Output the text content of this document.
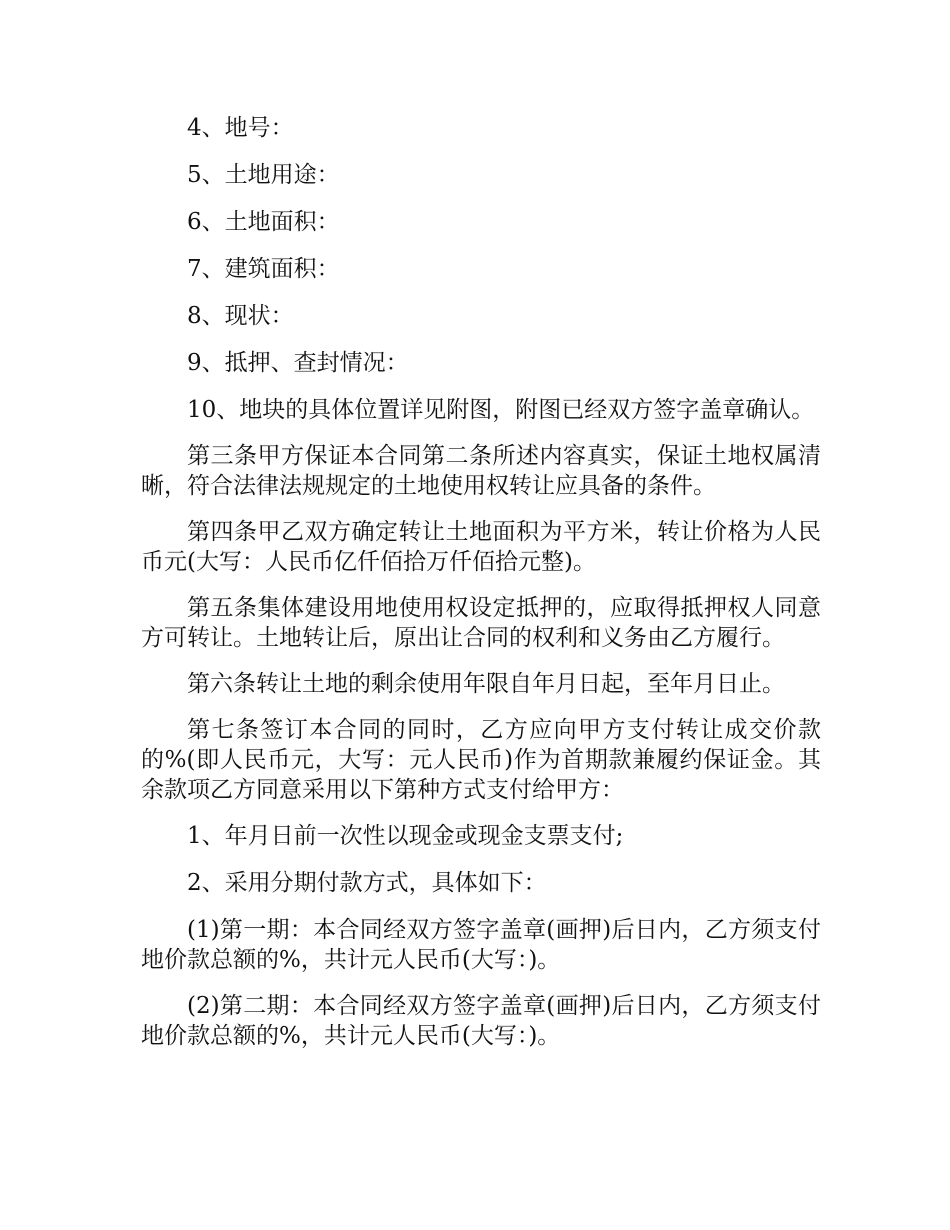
4、地号：

5、土地用途：

6、土地面积：

7、建筑面积：

8、现状：

9、抵押、查封情况：

10、地块的具体位置详见附图，附图已经双方签字盖章确认。

第三条甲方保证本合同第二条所述内容真实，保证土地权属清晰，符合法律法规规定的土地使用权转让应具备的条件。

第四条甲乙双方确定转让土地面积为平方米，转让价格为人民币元(大写：人民币亿仟佰拾万仟佰拾元整)。

第五条集体建设用地使用权设定抵押的，应取得抵押权人同意方可转让。土地转让后，原出让合同的权利和义务由乙方履行。

第六条转让土地的剩余使用年限自年月日起，至年月日止。

第七条签订本合同的同时，乙方应向甲方支付转让成交价款的%(即人民币元，大写：元人民币)作为首期款兼履约保证金。其余款项乙方同意采用以下第种方式支付给甲方：

1、年月日前一次性以现金或现金支票支付;

2、采用分期付款方式，具体如下：

(1)第一期：本合同经双方签字盖章(画押)后日内，乙方须支付地价款总额的%，共计元人民币(大写：)。

(2)第二期：本合同经双方签字盖章(画押)后日内，乙方须支付地价款总额的%，共计元人民币(大写：)。
